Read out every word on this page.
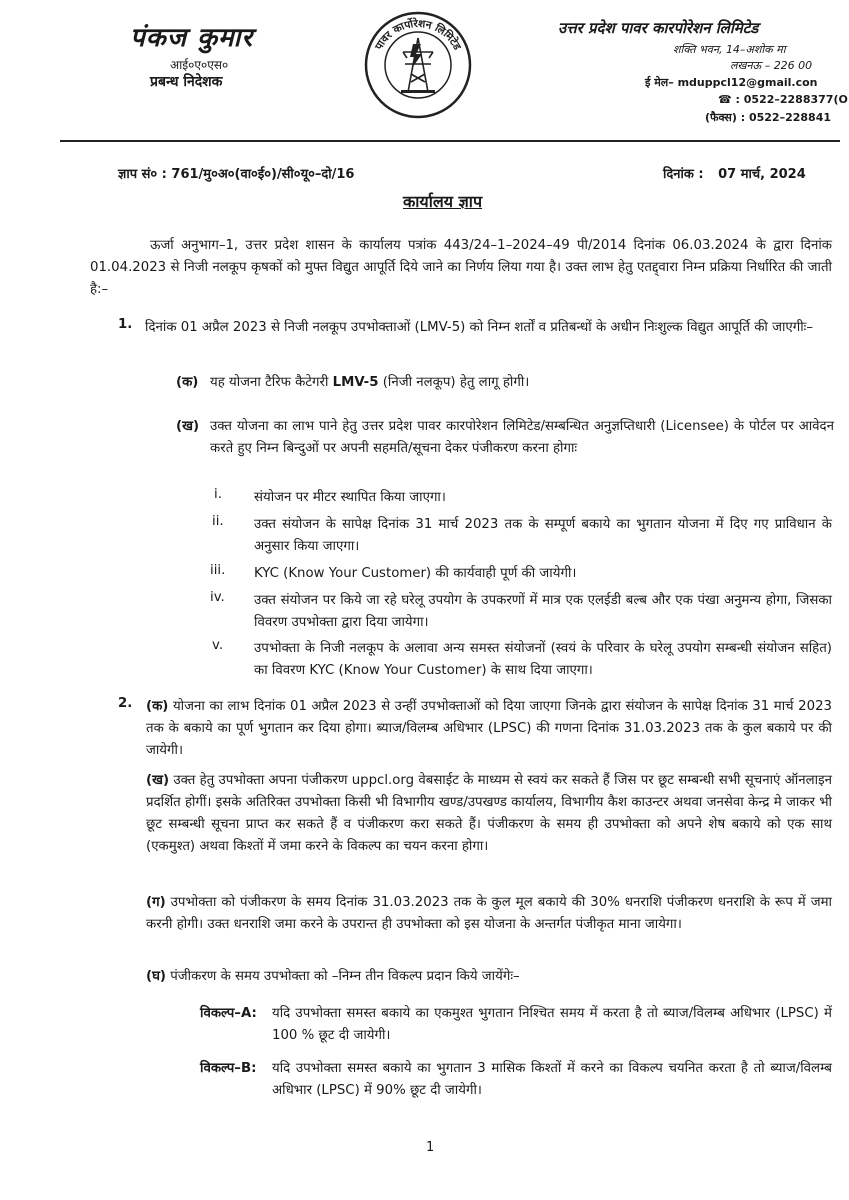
पंकज कुमार
आई०ए०एस०
प्रबन्ध निदेशक
पावर कार्पोरेशन लिमिटेड
उत्तर प्रदेश पावर कारपोरेशन लिमिटेड
शक्ति भवन, 14–अशोक मा
लखनऊ – 226 00
ई मेल– mduppcl12@gmail.con
☎ : 0522–2288377(O
(फैक्स) : 0522–228841
ज्ञाप सं० : 761/मु०अ०(वा०ई०)/सी०यू०–दो/16	दिनांक : 07 मार्च, 2024
कार्यालय ज्ञाप
ऊर्जा अनुभाग–1, उत्तर प्रदेश शासन के कार्यालय पत्रांक 443/24–1–2024–49 पी/2014 दिनांक 06.03.2024 के द्वारा दिनांक 01.04.2023 से निजी नलकूप कृषकों को मुफ्त विद्युत आपूर्ति दिये जाने का निर्णय लिया गया है। उक्त लाभ हेतु एतद्द्वारा निम्न प्रक्रिया निर्धारित की जाती है:–
1. दिनांक 01 अप्रैल 2023 से निजी नलकूप उपभोक्ताओं (LMV-5) को निम्न शर्तों व प्रतिबन्धों के अधीन निःशुल्क विद्युत आपूर्ति की जाएगीः–
(क) यह योजना टैरिफ कैटेगरी LMV-5 (निजी नलकूप) हेतु लागू होगी।
(ख) उक्त योजना का लाभ पाने हेतु उत्तर प्रदेश पावर कारपोरेशन लिमिटेड/सम्बन्धित अनुज्ञप्तिधारी (Licensee) के पोर्टल पर आवेदन करते हुए निम्न बिन्दुओं पर अपनी सहमति/सूचना देकर पंजीकरण करना होगाः
i. संयोजन पर मीटर स्थापित किया जाएगा।
ii. उक्त संयोजन के सापेक्ष दिनांक 31 मार्च 2023 तक के सम्पूर्ण बकाये का भुगतान योजना में दिए गए प्राविधान के अनुसार किया जाएगा।
iii. KYC (Know Your Customer) की कार्यवाही पूर्ण की जायेगी।
iv. उक्त संयोजन पर किये जा रहे घरेलू उपयोग के उपकरणों में मात्र एक एलईडी बल्ब और एक पंखा अनुमन्य होगा, जिसका विवरण उपभोक्ता द्वारा दिया जायेगा।
v. उपभोक्ता के निजी नलकूप के अलावा अन्य समस्त संयोजनों (स्वयं के परिवार के घरेलू उपयोग सम्बन्धी संयोजन सहित) का विवरण KYC (Know Your Customer) के साथ दिया जाएगा।
2. (क) योजना का लाभ दिनांक 01 अप्रैल 2023 से उन्हीं उपभोक्ताओं को दिया जाएगा जिनके द्वारा संयोजन के सापेक्ष दिनांक 31 मार्च 2023 तक के बकाये का पूर्ण भुगतान कर दिया होगा। ब्याज/विलम्ब अधिभार (LPSC) की गणना दिनांक 31.03.2023 तक के कुल बकाये पर की जायेगी।
(ख) उक्त हेतु उपभोक्ता अपना पंजीकरण uppcl.org वेबसाईट के माध्यम से स्वयं कर सकते हैं जिस पर छूट सम्बन्धी सभी सूचनाएं ऑनलाइन प्रदर्शित होगीं। इसके अतिरिक्त उपभोक्ता किसी भी विभागीय खण्ड/उपखण्ड कार्यालय, विभागीय कैश काउन्टर अथवा जनसेवा केन्द्र मे जाकर भी छूट सम्बन्धी सूचना प्राप्त कर सकते हैं व पंजीकरण करा सकते हैं। पंजीकरण के समय ही उपभोक्ता को अपने शेष बकाये को एक साथ (एकमुश्त) अथवा किश्तों में जमा करने के विकल्प का चयन करना होगा।
(ग) उपभोक्ता को पंजीकरण के समय दिनांक 31.03.2023 तक के कुल मूल बकाये की 30% धनराशि पंजीकरण धनराशि के रूप में जमा करनी होगी। उक्त धनराशि जमा करने के उपरान्त ही उपभोक्ता को इस योजना के अन्तर्गत पंजीकृत माना जायेगा।
(घ) पंजीकरण के समय उपभोक्ता को –निम्न तीन विकल्प प्रदान किये जायेंगेः–
विकल्प–A: यदि उपभोक्ता समस्त बकाये का एकमुश्त भुगतान निश्चित समय में करता है तो ब्याज/विलम्ब अधिभार (LPSC) में 100 % छूट दी जायेगी।
विकल्प–B: यदि उपभोक्ता समस्त बकाये का भुगतान 3 मासिक किश्तों में करने का विकल्प चयनित करता है तो ब्याज/विलम्ब अधिभार (LPSC) में 90% छूट दी जायेगी।
1
